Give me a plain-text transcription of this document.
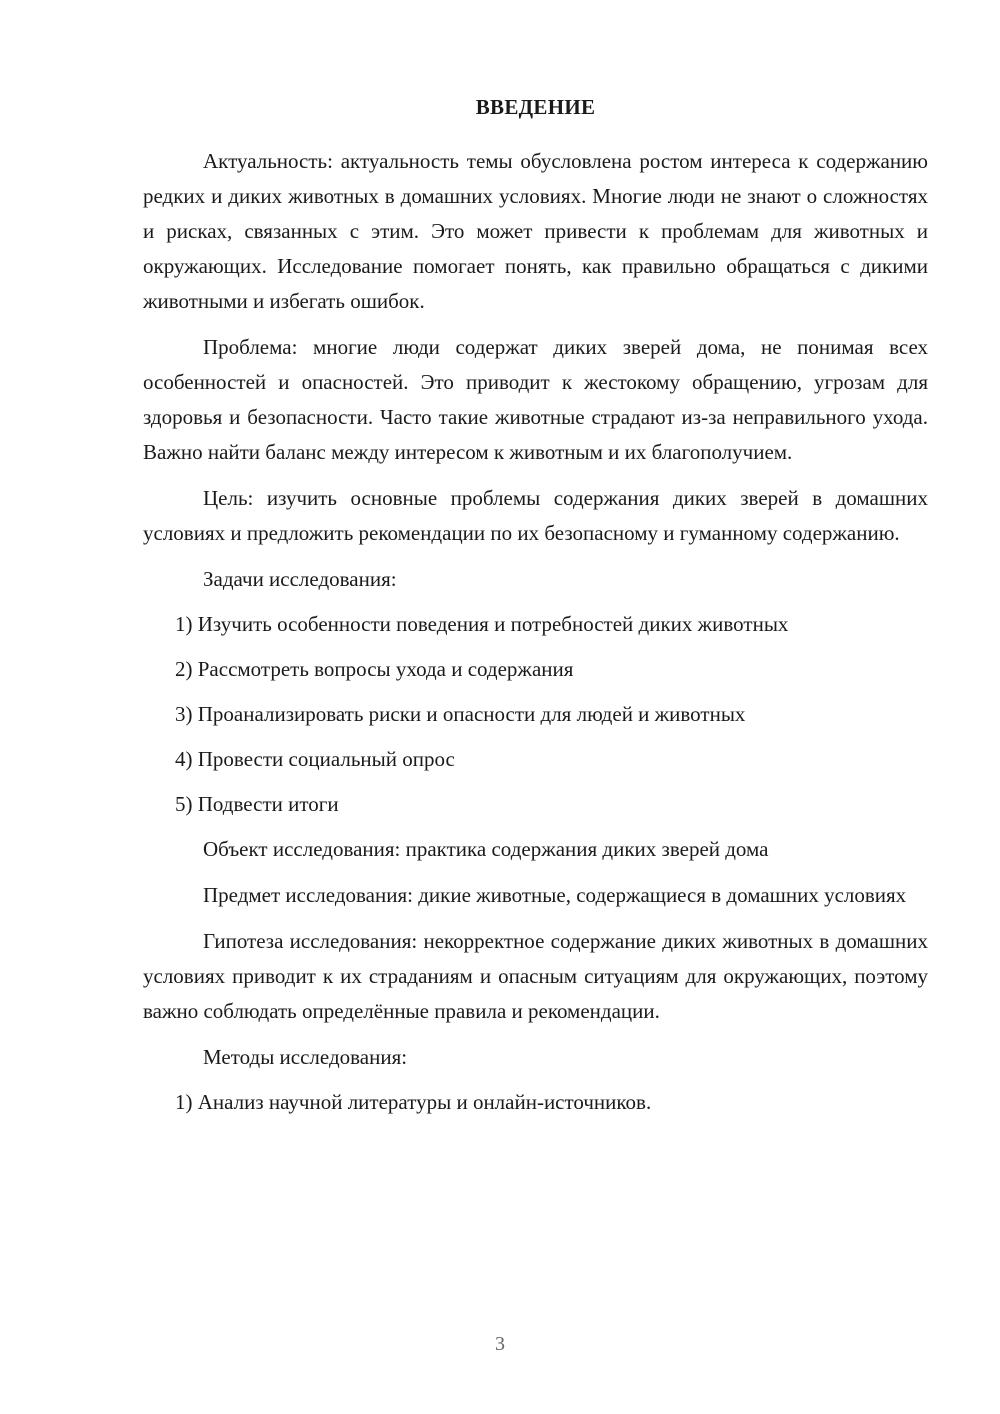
ВВЕДЕНИЕ

Актуальность: актуальность темы обусловлена ростом интереса к содержанию редких и диких животных в домашних условиях. Многие люди не знают о сложностях и рисках, связанных с этим. Это может привести к проблемам для животных и окружающих. Исследование помогает понять, как правильно обращаться с дикими животными и избегать ошибок.

Проблема: многие люди содержат диких зверей дома, не понимая всех особенностей и опасностей. Это приводит к жестокому обращению, угрозам для здоровья и безопасности. Часто такие животные страдают из-за неправильного ухода. Важно найти баланс между интересом к животным и их благополучием.

Цель: изучить основные проблемы содержания диких зверей в домашних условиях и предложить рекомендации по их безопасному и гуманному содержанию.

Задачи исследования:

1) Изучить особенности поведения и потребностей диких животных
2) Рассмотреть вопросы ухода и содержания
3) Проанализировать риски и опасности для людей и животных
4) Провести социальный опрос
5) Подвести итоги

Объект исследования: практика содержания диких зверей дома

Предмет исследования: дикие животные, содержащиеся в домашних условиях

Гипотеза исследования: некорректное содержание диких животных в домашних условиях приводит к их страданиям и опасным ситуациям для окружающих, поэтому важно соблюдать определённые правила и рекомендации.

Методы исследования:

1) Анализ научной литературы и онлайн-источников.
3
